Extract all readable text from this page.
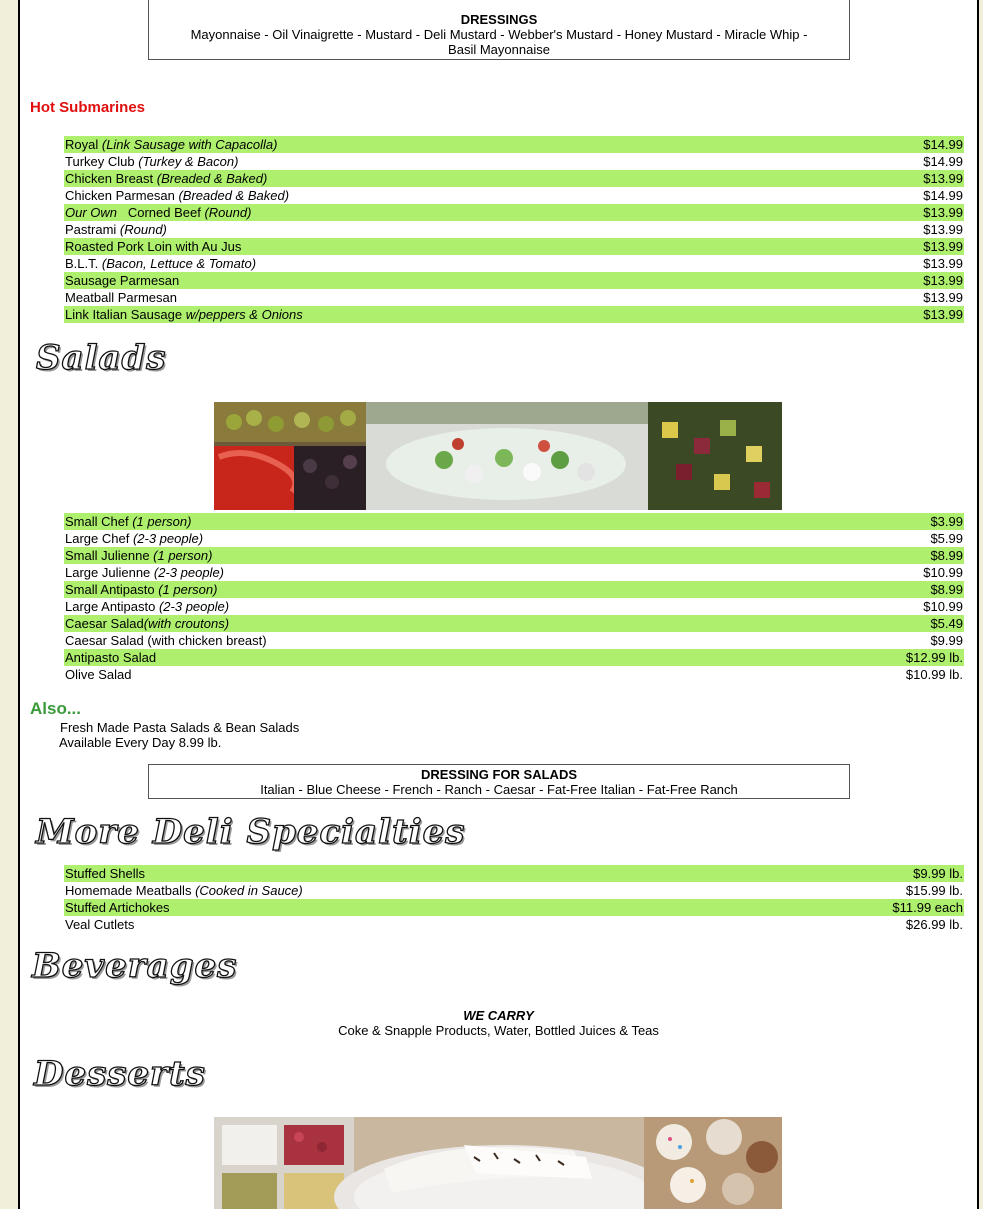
DRESSINGS
Mayonnaise - Oil Vinaigrette - Mustard - Deli Mustard - Webber's Mustard - Honey Mustard - Miracle Whip -
Basil Mayonnaise
Hot Submarines
Royal (Link Sausage with Capacolla)	$14.99
Turkey Club (Turkey & Bacon)	$14.99
Chicken Breast (Breaded & Baked)	$13.99
Chicken Parmesan (Breaded & Baked)	$14.99
Our Own   Corned Beef (Round)	$13.99
Pastrami (Round)	$13.99
Roasted Pork Loin with Au Jus	$13.99
B.L.T. (Bacon, Lettuce & Tomato)	$13.99
Sausage Parmesan	$13.99
Meatball Parmesan	$13.99
Link Italian Sausage w/peppers & Onions	$13.99
Salads
Small Chef (1 person)	$3.99
Large Chef (2-3 people)	$5.99
Small Julienne (1 person)	$8.99
Large Julienne (2-3 people)	$10.99
Small Antipasto (1 person)	$8.99
Large Antipasto (2-3 people)	$10.99
Caesar Salad(with croutons)	$5.49
Caesar Salad (with chicken breast)	$9.99
Antipasto Salad	$12.99 lb.
Olive Salad	$10.99 lb.
Also...
Fresh Made Pasta Salads & Bean Salads
Available Every Day 8.99 lb.
DRESSING FOR SALADS
Italian - Blue Cheese - French - Ranch - Caesar - Fat-Free Italian - Fat-Free Ranch
More Deli Specialties
Stuffed Shells	$9.99 lb.
Homemade Meatballs (Cooked in Sauce)	$15.99 lb.
Stuffed Artichokes	$11.99 each
Veal Cutlets	$26.99 lb.
Beverages
WE CARRY
Coke & Snapple Products, Water, Bottled Juices & Teas
Desserts
